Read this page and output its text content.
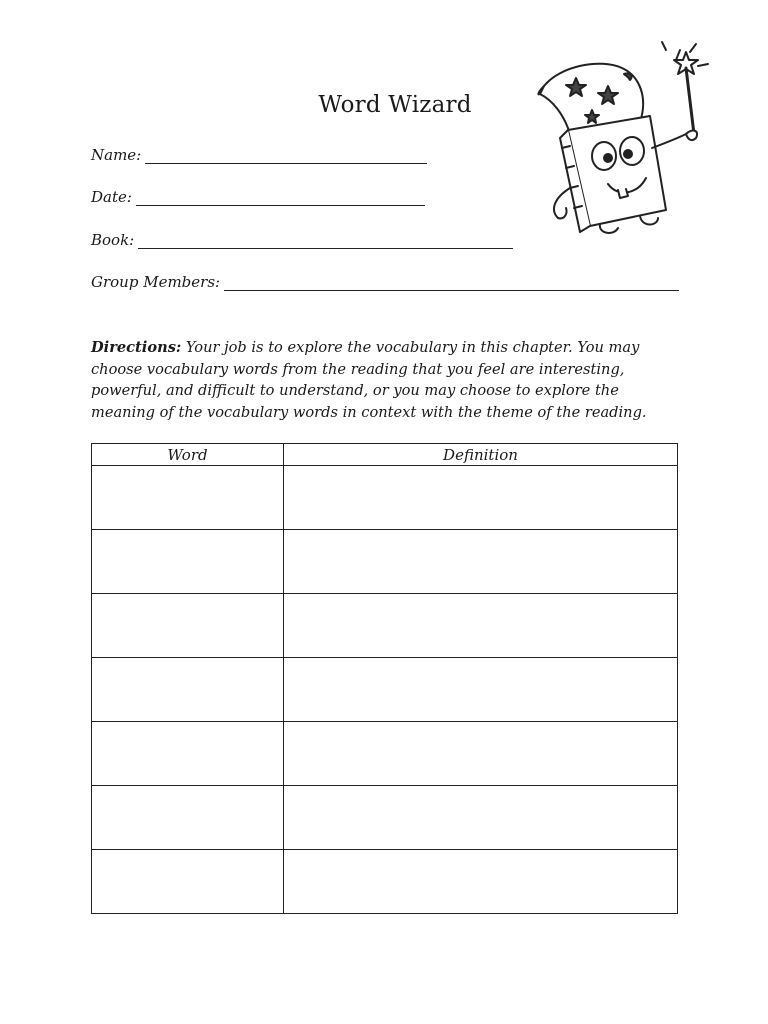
Word Wizard
Name:
Date:
Book:
Group Members:
Directions: Your job is to explore the vocabulary in this chapter. You may choose vocabulary words from the reading that you feel are interesting, powerful, and difficult to understand, or you may choose to explore the meaning of the vocabulary words in context with the theme of the reading.
Word	Definition
